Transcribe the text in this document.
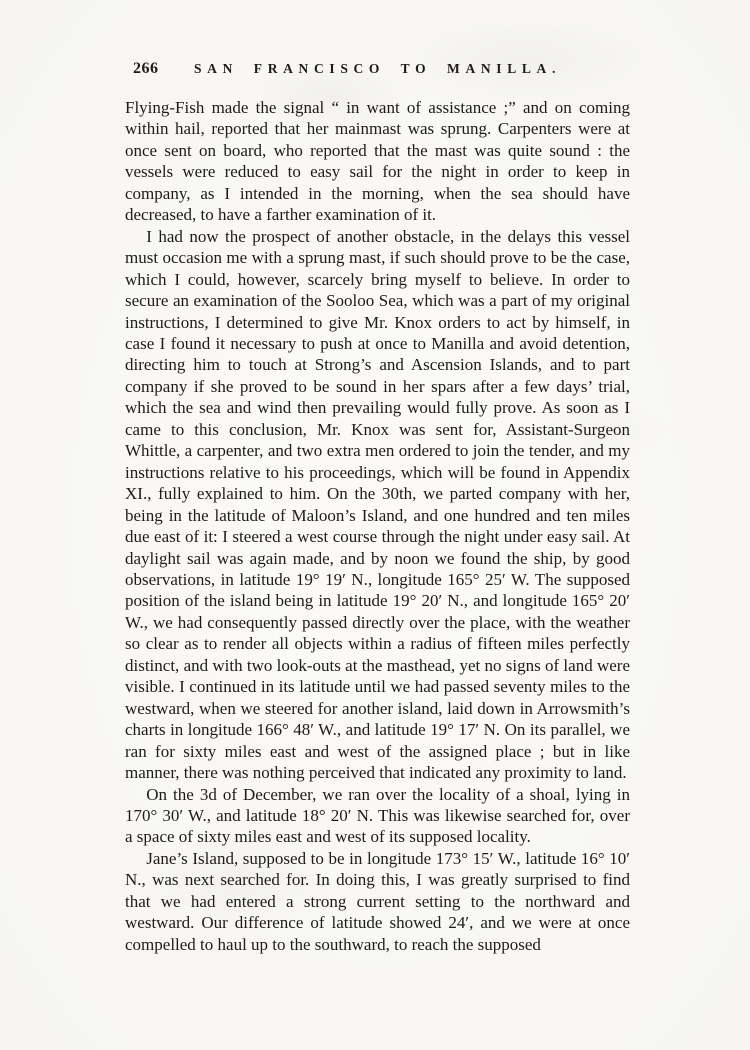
266	SAN FRANCISCO TO MANILLA.

Flying-Fish made the signal “ in want of assistance ;” and on coming within hail, reported that her mainmast was sprung. Carpenters were at once sent on board, who reported that the mast was quite sound : the vessels were reduced to easy sail for the night in order to keep in company, as I intended in the morning, when the sea should have decreased, to have a farther examination of it.

I had now the prospect of another obstacle, in the delays this vessel must occasion me with a sprung mast, if such should prove to be the case, which I could, however, scarcely bring myself to believe. In order to secure an examination of the Sooloo Sea, which was a part of my original instructions, I determined to give Mr. Knox orders to act by himself, in case I found it necessary to push at once to Manilla and avoid detention, directing him to touch at Strong’s and Ascension Islands, and to part company if she proved to be sound in her spars after a few days’ trial, which the sea and wind then prevailing would fully prove. As soon as I came to this conclusion, Mr. Knox was sent for, Assistant-Surgeon Whittle, a carpenter, and two extra men ordered to join the tender, and my instructions relative to his proceedings, which will be found in Appendix XI., fully explained to him. On the 30th, we parted company with her, being in the latitude of Maloon’s Island, and one hundred and ten miles due east of it: I steered a west course through the night under easy sail. At daylight sail was again made, and by noon we found the ship, by good observations, in latitude 19° 19′ N., longitude 165° 25′ W. The supposed position of the island being in latitude 19° 20′ N., and longitude 165° 20′ W., we had consequently passed directly over the place, with the weather so clear as to render all objects within a radius of fifteen miles perfectly distinct, and with two look-outs at the masthead, yet no signs of land were visible. I continued in its latitude until we had passed seventy miles to the westward, when we steered for another island, laid down in Arrowsmith’s charts in longitude 166° 48′ W., and latitude 19° 17′ N. On its parallel, we ran for sixty miles east and west of the assigned place ; but in like manner, there was nothing perceived that indicated any proximity to land.

On the 3d of December, we ran over the locality of a shoal, lying in 170° 30′ W., and latitude 18° 20′ N. This was likewise searched for, over a space of sixty miles east and west of its supposed locality.

Jane’s Island, supposed to be in longitude 173° 15′ W., latitude 16° 10′ N., was next searched for. In doing this, I was greatly surprised to find that we had entered a strong current setting to the northward and westward. Our difference of latitude showed 24′, and we were at once compelled to haul up to the southward, to reach the supposed
